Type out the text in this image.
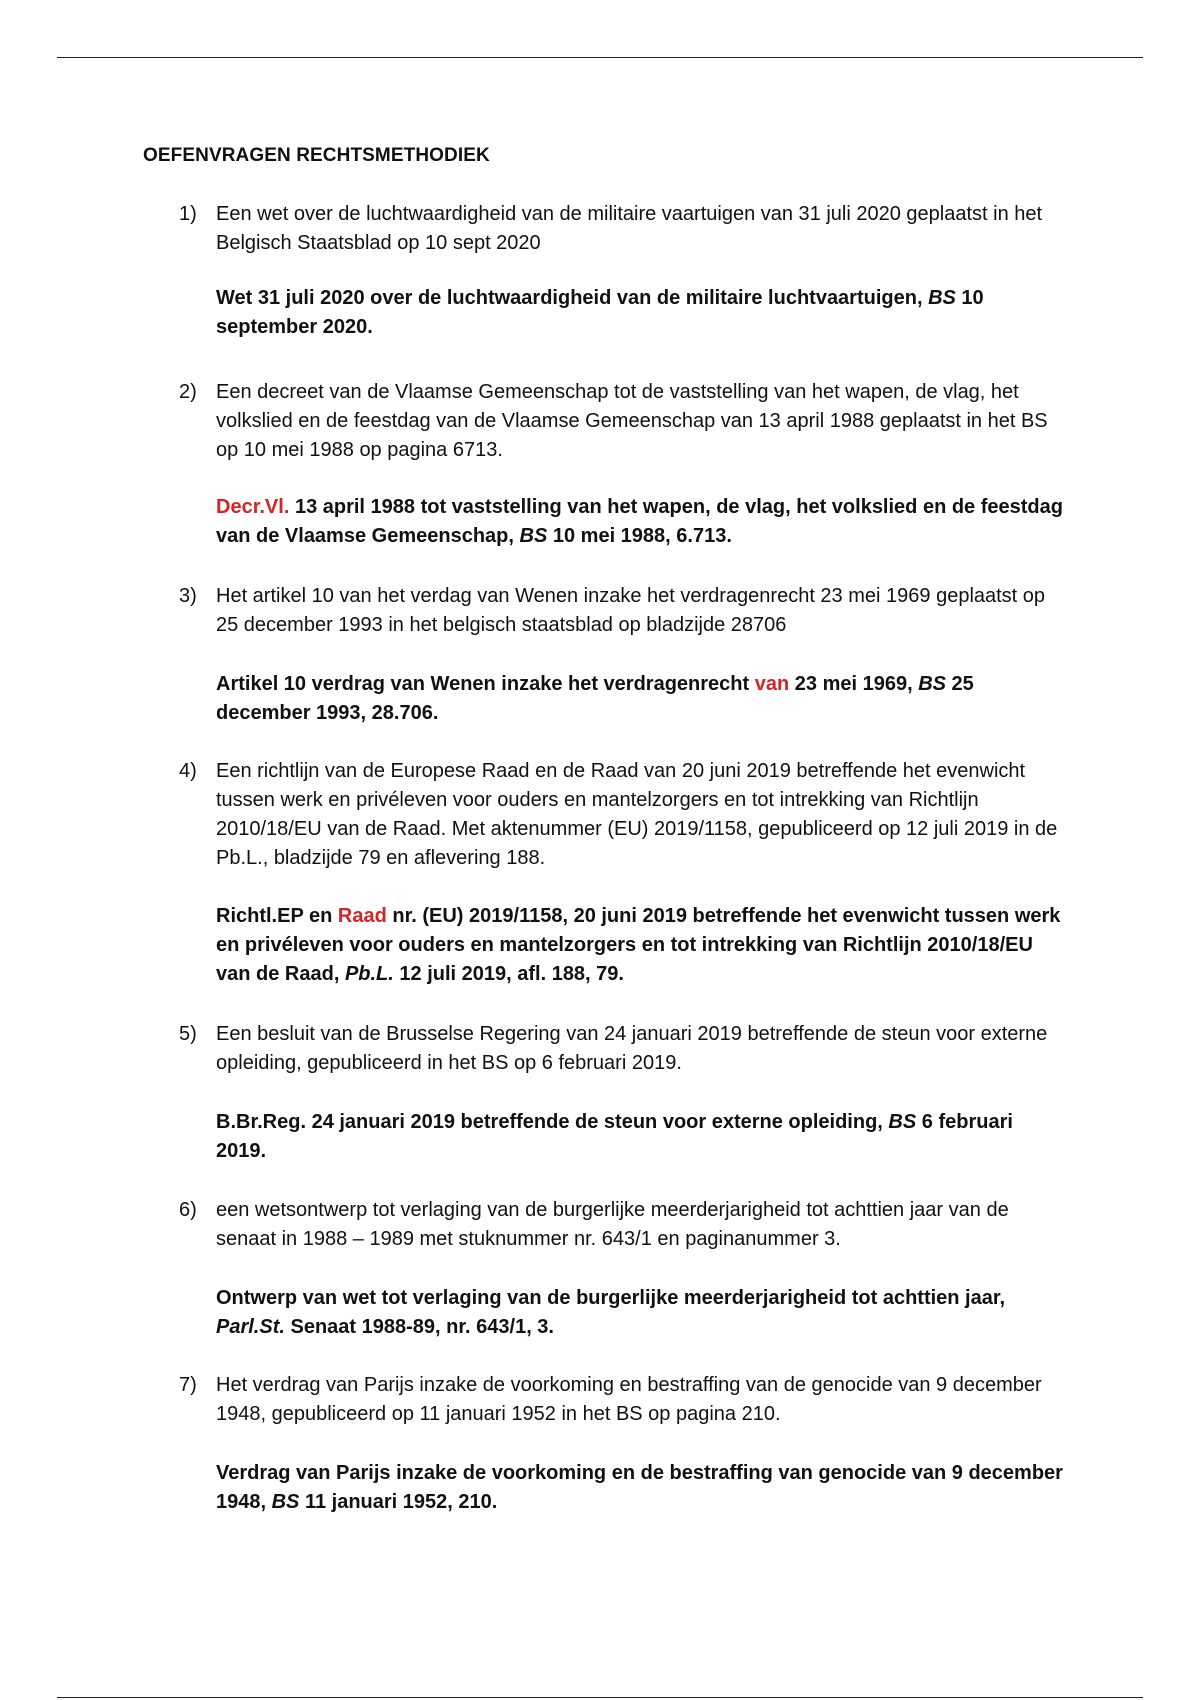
OEFENVRAGEN RECHTSMETHODIEK
1) Een wet over de luchtwaardigheid van de militaire vaartuigen van 31 juli 2020 geplaatst in het Belgisch Staatsblad op 10 sept 2020
Wet 31 juli 2020 over de luchtwaardigheid van de militaire luchtvaartuigen, BS 10 september 2020.
2) Een decreet van de Vlaamse Gemeenschap tot de vaststelling van het wapen, de vlag, het volkslied en de feestdag van de Vlaamse Gemeenschap van 13 april 1988 geplaatst in het BS op 10 mei 1988 op pagina 6713.
Decr.Vl. 13 april 1988 tot vaststelling van het wapen, de vlag, het volkslied en de feestdag van de Vlaamse Gemeenschap, BS 10 mei 1988, 6.713.
3) Het artikel 10 van het verdag van Wenen inzake het verdragenrecht 23 mei 1969 geplaatst op 25 december 1993 in het belgisch staatsblad op bladzijde 28706
Artikel 10 verdrag van Wenen inzake het verdragenrecht van 23 mei 1969, BS 25 december 1993, 28.706.
4) Een richtlijn van de Europese Raad en de Raad van 20 juni 2019 betreffende het evenwicht tussen werk en privéleven voor ouders en mantelzorgers en tot intrekking van Richtlijn 2010/18/EU van de Raad. Met aktenummer (EU) 2019/1158, gepubliceerd op 12 juli 2019 in de Pb.L., bladzijde 79 en aflevering 188.
Richtl.EP en Raad nr. (EU) 2019/1158, 20 juni 2019 betreffende het evenwicht tussen werk en privéleven voor ouders en mantelzorgers en tot intrekking van Richtlijn 2010/18/EU van de Raad, Pb.L. 12 juli 2019, afl. 188, 79.
5) Een besluit van de Brusselse Regering van 24 januari 2019 betreffende de steun voor externe opleiding, gepubliceerd in het BS op 6 februari 2019.
B.Br.Reg. 24 januari 2019 betreffende de steun voor externe opleiding, BS 6 februari 2019.
6) een wetsontwerp tot verlaging van de burgerlijke meerderjarigheid tot achttien jaar van de senaat in 1988 – 1989 met stuknummer nr. 643/1 en paginanummer 3.
Ontwerp van wet tot verlaging van de burgerlijke meerderjarigheid tot achttien jaar, Parl.St. Senaat 1988-89, nr. 643/1, 3.
7) Het verdrag van Parijs inzake de voorkoming en bestraffing van de genocide van 9 december 1948, gepubliceerd op 11 januari 1952 in het BS op pagina 210.
Verdrag van Parijs inzake de voorkoming en de bestraffing van genocide van 9 december 1948, BS 11 januari 1952, 210.
